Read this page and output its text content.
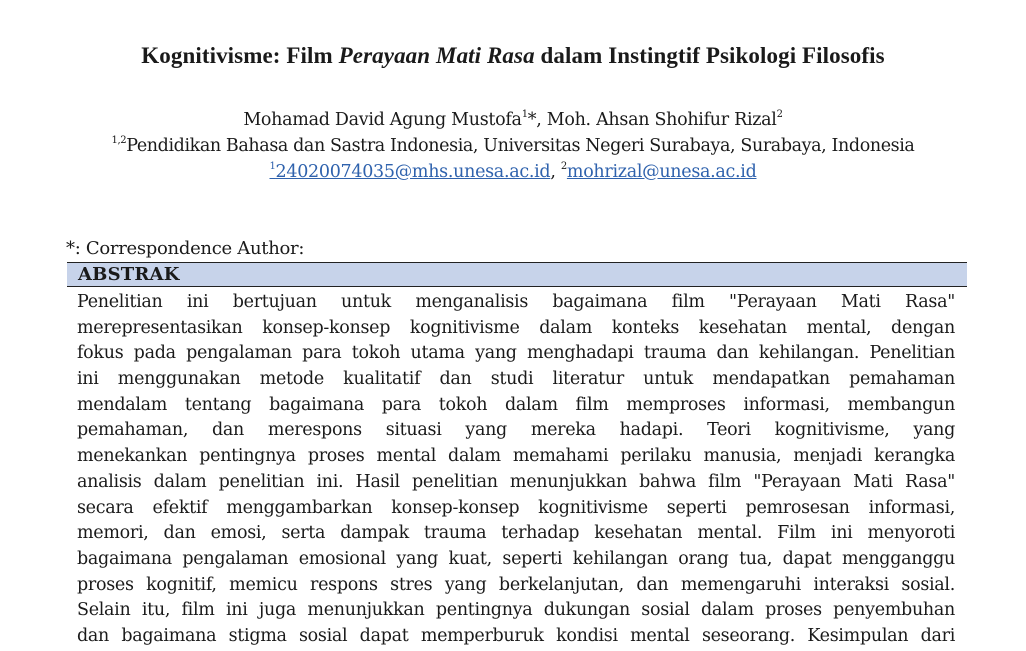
Kognitivisme: Film Perayaan Mati Rasa dalam Instingtif Psikologi Filosofis
Mohamad David Agung Mustofa$^1$*, Moh. Ahsan Shohifur Rizal$^2$
$^{1,2}$Pendidikan Bahasa dan Sastra Indonesia, Universitas Negeri Surabaya, Surabaya, Indonesia
$^1$24020074035@mhs.unesa.ac.id, $^2$mohrizal@unesa.ac.id
*: Correspondence Author:
ABSTRAK
Penelitian ini bertujuan untuk menganalisis bagaimana film "Perayaan Mati Rasa"
merepresentasikan konsep-konsep kognitivisme dalam konteks kesehatan mental, dengan
fokus pada pengalaman para tokoh utama yang menghadapi trauma dan kehilangan. Penelitian
ini menggunakan metode kualitatif dan studi literatur untuk mendapatkan pemahaman
mendalam tentang bagaimana para tokoh dalam film memproses informasi, membangun
pemahaman, dan merespons situasi yang mereka hadapi. Teori kognitivisme, yang
menekankan pentingnya proses mental dalam memahami perilaku manusia, menjadi kerangka
analisis dalam penelitian ini. Hasil penelitian menunjukkan bahwa film "Perayaan Mati Rasa"
secara efektif menggambarkan konsep-konsep kognitivisme seperti pemrosesan informasi,
memori, dan emosi, serta dampak trauma terhadap kesehatan mental. Film ini menyoroti
bagaimana pengalaman emosional yang kuat, seperti kehilangan orang tua, dapat mengganggu
proses kognitif, memicu respons stres yang berkelanjutan, dan memengaruhi interaksi sosial.
Selain itu, film ini juga menunjukkan pentingnya dukungan sosial dalam proses penyembuhan
dan bagaimana stigma sosial dapat memperburuk kondisi mental seseorang. Kesimpulan dari
